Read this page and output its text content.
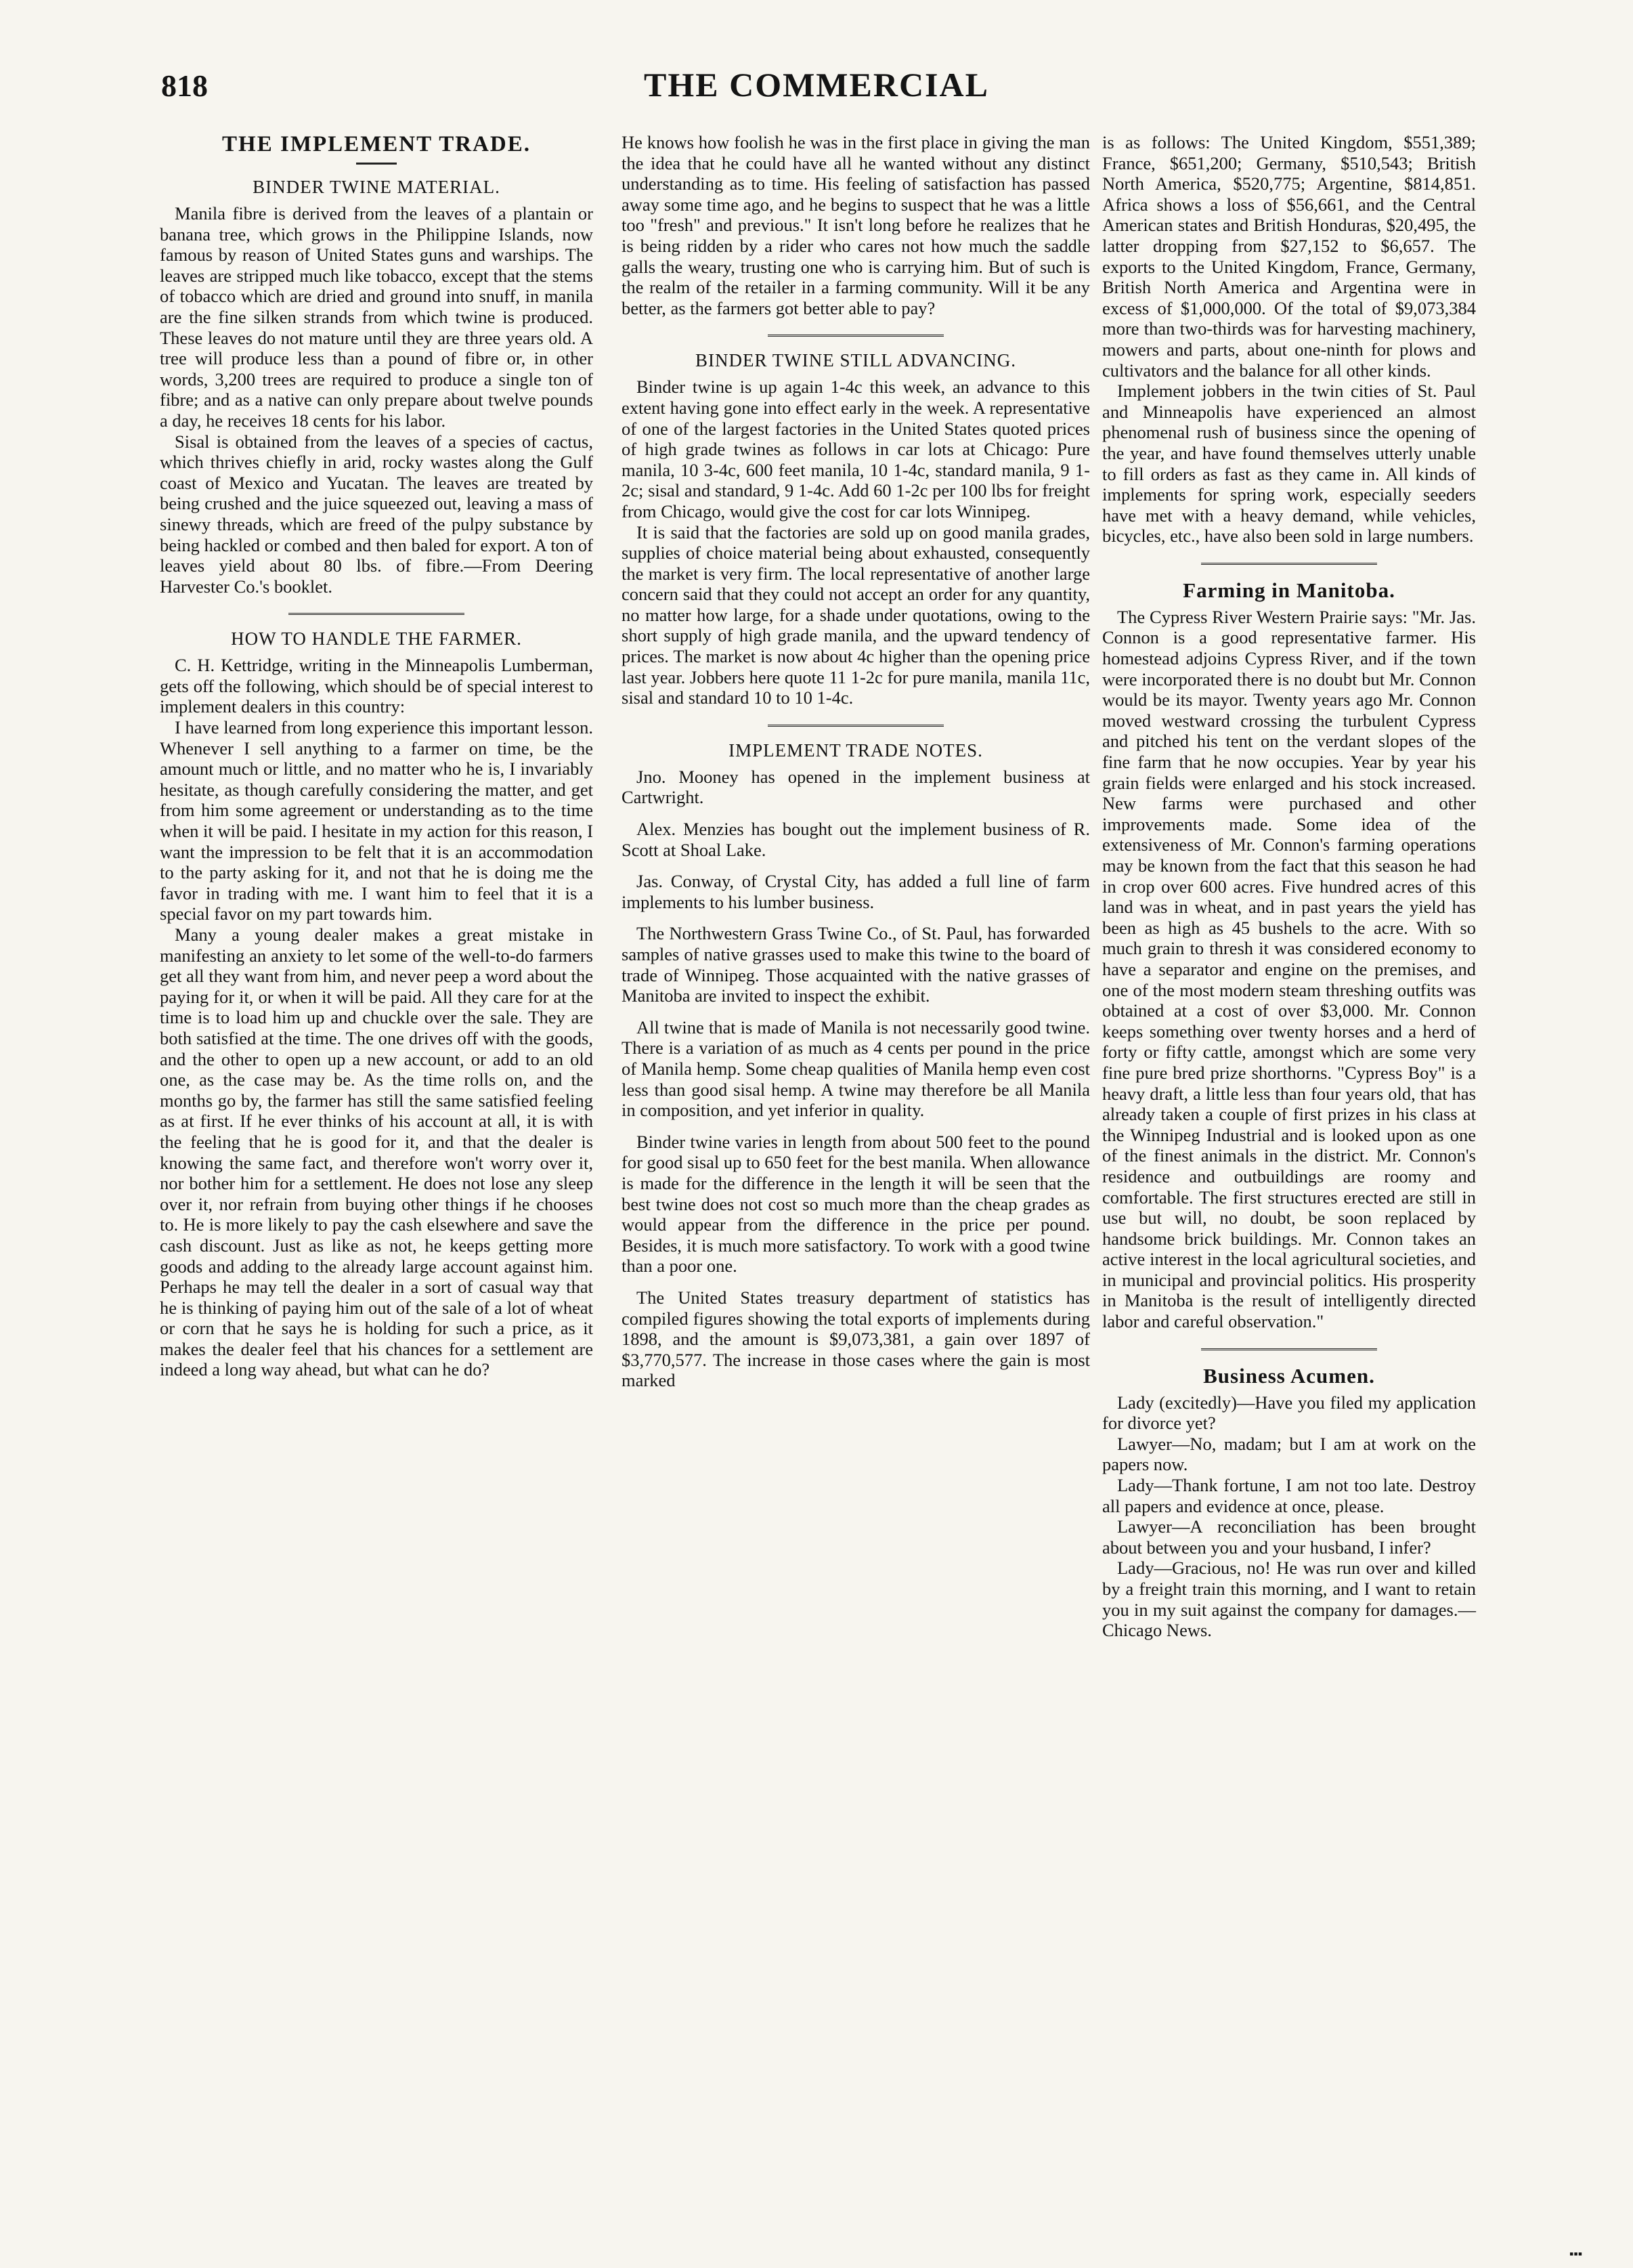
818	THE COMMERCIAL
THE IMPLEMENT TRADE.
BINDER TWINE MATERIAL.

Manila fibre is derived from the leaves of a plantain or banana tree, which grows in the Philippine Islands, now famous by reason of United States guns and warships. The leaves are stripped much like tobacco, except that the stems of tobacco which are dried and ground into snuff, in manila are the fine silken strands from which twine is produced. These leaves do not mature until they are three years old. A tree will produce less than a pound of fibre or, in other words, 3,200 trees are required to produce a single ton of fibre; and as a native can only prepare about twelve pounds a day, he receives 18 cents for his labor.

Sisal is obtained from the leaves of a species of cactus, which thrives chiefly in arid, rocky wastes along the Gulf coast of Mexico and Yucatan. The leaves are treated by being crushed and the juice squeezed out, leaving a mass of sinewy threads, which are freed of the pulpy substance by being hackled or combed and then baled for export. A ton of leaves yield about 80 lbs. of fibre.—From Deering Harvester Co.'s booklet.

HOW TO HANDLE THE FARMER.

C. H. Kettridge, writing in the Minneapolis Lumberman, gets off the following, which should be of special interest to implement dealers in this country:

I have learned from long experience this important lesson. Whenever I sell anything to a farmer on time, be the amount much or little, and no matter who he is, I invariably hesitate, as though carefully considering the matter, and get from him some agreement or understanding as to the time when it will be paid. I hesitate in my action for this reason, I want the impression to be felt that it is an accommodation to the party asking for it, and not that he is doing me the favor in trading with me. I want him to feel that it is a special favor on my part towards him.

Many a young dealer makes a great mistake in manifesting an anxiety to let some of the well-to-do farmers get all they want from him, and never peep a word about the paying for it, or when it will be paid. All they care for at the time is to load him up and chuckle over the sale. They are both satisfied at the time. The one drives off with the goods, and the other to open up a new account, or add to an old one, as the case may be. As the time rolls on, and the months go by, the farmer has still the same satisfied feeling as at first. If he ever thinks of his account at all, it is with the feeling that he is good for it, and that the dealer is knowing the same fact, and therefore won't worry over it, nor bother him for a settlement. He does not lose any sleep over it, nor refrain from buying other things if he chooses to. He is more likely to pay the cash elsewhere and save the cash discount. Just as like as not, he keeps getting more goods and adding to the already large account against him. Perhaps he may tell the dealer in a sort of casual way that he is thinking of paying him out of the sale of a lot of wheat or corn that he says he is holding for such a price, as it makes the dealer feel that his chances for a settlement are indeed a long way ahead, but what can he do?

He knows how foolish he was in the first place in giving the man the idea that he could have all he wanted without any distinct understanding as to time. His feeling of satisfaction has passed away some time ago, and he begins to suspect that he was a little too "fresh" and previous." It isn't long before he realizes that he is being ridden by a rider who cares not how much the saddle galls the weary, trusting one who is carrying him. But of such is the realm of the retailer in a farming community. Will it be any better, as the farmers got better able to pay?

BINDER TWINE STILL ADVANCING.

Binder twine is up again 1-4c this week, an advance to this extent having gone into effect early in the week. A representative of one of the largest factories in the United States quoted prices of high grade twines as follows in car lots at Chicago: Pure manila, 10 3-4c, 600 feet manila, 10 1-4c, standard manila, 9 1-2c; sisal and standard, 9 1-4c. Add 60 1-2c per 100 lbs for freight from Chicago, would give the cost for car lots Winnipeg.

It is said that the factories are sold up on good manila grades, supplies of choice material being about exhausted, consequently the market is very firm. The local representative of another large concern said that they could not accept an order for any quantity, no matter how large, for a shade under quotations, owing to the short supply of high grade manila, and the upward tendency of prices. The market is now about 4c higher than the opening price last year. Jobbers here quote 11 1-2c for pure manila, manila 11c, sisal and standard 10 to 10 1-4c.

IMPLEMENT TRADE NOTES.

Jno. Mooney has opened in the implement business at Cartwright.

Alex. Menzies has bought out the implement business of R. Scott at Shoal Lake.

Jas. Conway, of Crystal City, has added a full line of farm implements to his lumber business.

The Northwestern Grass Twine Co., of St. Paul, has forwarded samples of native grasses used to make this twine to the board of trade of Winnipeg. Those acquainted with the native grasses of Manitoba are invited to inspect the exhibit.

All twine that is made of Manila is not necessarily good twine. There is a variation of as much as 4 cents per pound in the price of Manila hemp. Some cheap qualities of Manila hemp even cost less than good sisal hemp. A twine may therefore be all Manila in composition, and yet inferior in quality.

Binder twine varies in length from about 500 feet to the pound for good sisal up to 650 feet for the best manila. When allowance is made for the difference in the length it will be seen that the best twine does not cost so much more than the cheap grades as would appear from the difference in the price per pound. Besides, it is much more satisfactory. To work with a good twine than a poor one.

The United States treasury department of statistics has compiled figures showing the total exports of implements during 1898, and the amount is $9,073,381, a gain over 1897 of $3,770,577. The increase in those cases where the gain is most marked

is as follows: The United Kingdom, $551,389; France, $651,200; Germany, $510,543; British North America, $520,775; Argentine, $814,851. Africa shows a loss of $56,661, and the Central American states and British Honduras, $20,495, the latter dropping from $27,152 to $6,657. The exports to the United Kingdom, France, Germany, British North America and Argentina were in excess of $1,000,000. Of the total of $9,073,384 more than two-thirds was for harvesting machinery, mowers and parts, about one-ninth for plows and cultivators and the balance for all other kinds.

Implement jobbers in the twin cities of St. Paul and Minneapolis have experienced an almost phenomenal rush of business since the opening of the year, and have found themselves utterly unable to fill orders as fast as they came in. All kinds of implements for spring work, especially seeders have met with a heavy demand, while vehicles, bicycles, etc., have also been sold in large numbers.

Farming in Manitoba.

The Cypress River Western Prairie says: "Mr. Jas. Connon is a good representative farmer. His homestead adjoins Cypress River, and if the town were incorporated there is no doubt but Mr. Connon would be its mayor. Twenty years ago Mr. Connon moved westward crossing the turbulent Cypress and pitched his tent on the verdant slopes of the fine farm that he now occupies. Year by year his grain fields were enlarged and his stock increased. New farms were purchased and other improvements made. Some idea of the extensiveness of Mr. Connon's farming operations may be known from the fact that this season he had in crop over 600 acres. Five hundred acres of this land was in wheat, and in past years the yield has been as high as 45 bushels to the acre. With so much grain to thresh it was considered economy to have a separator and engine on the premises, and one of the most modern steam threshing outfits was obtained at a cost of over $3,000. Mr. Connon keeps something over twenty horses and a herd of forty or fifty cattle, amongst which are some very fine pure bred prize shorthorns. "Cypress Boy" is a heavy draft, a little less than four years old, that has already taken a couple of first prizes in his class at the Winnipeg Industrial and is looked upon as one of the finest animals in the district. Mr. Connon's residence and outbuildings are roomy and comfortable. The first structures erected are still in use but will, no doubt, be soon replaced by handsome brick buildings. Mr. Connon takes an active interest in the local agricultural societies, and in municipal and provincial politics. His prosperity in Manitoba is the result of intelligently directed labor and careful observation."

Business Acumen.

Lady (excitedly)—Have you filed my application for divorce yet?

Lawyer—No, madam; but I am at work on the papers now.

Lady—Thank fortune, I am not too late. Destroy all papers and evidence at once, please.

Lawyer—A reconciliation has been brought about between you and your husband, I infer?

Lady—Gracious, no! He was run over and killed by a freight train this morning, and I want to retain you in my suit against the company for damages.—Chicago News.

▪▪▪
